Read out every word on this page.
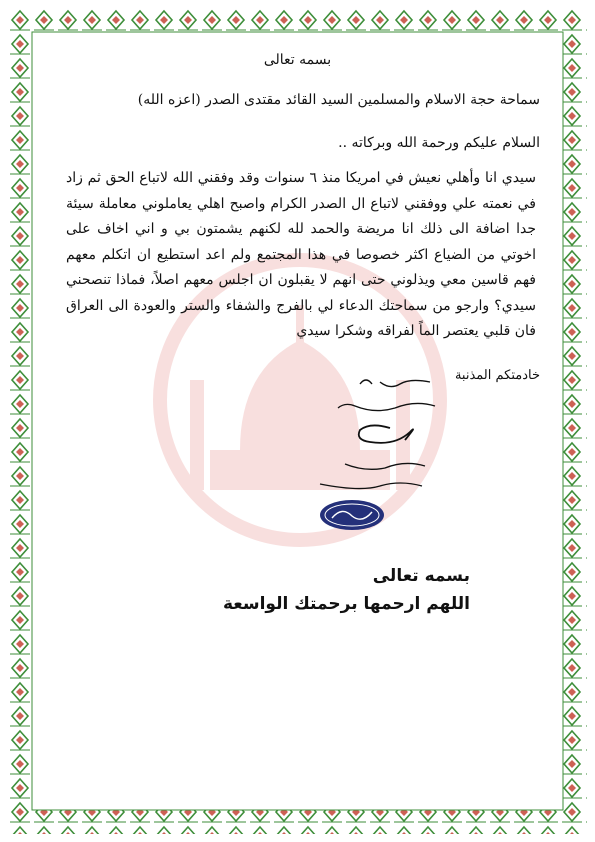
بسمه تعالى
سماحة حجة الاسلام والمسلمين السيد القائد مقتدى الصدر (اعزه الله)
السلام عليكم ورحمة الله وبركاته ..
سيدي انا وأهلي نعيش في امريكا منذ ٦ سنوات وقد وفقني الله لاتباع الحق ثم زاد في نعمته علي ووفقني لاتباع ال الصدر الكرام واصبح اهلي يعاملوني معاملة سيئة جدا اضافة الى ذلك انا مريضة والحمد لله لكنهم يشمتون بي و اني اخاف على اخوتي من الضياع اكثر خصوصا في هذا المجتمع ولم اعد استطيع ان اتكلم معهم فهم قاسين معي ويذلوني حتى انهم لا يقبلون ان اجلس معهم اصلاً، فماذا تنصحني سيدي؟ وارجو من سماحتك الدعاء لي بالفرج والشفاء والستر والعودة الى العراق فان قلبي يعتصر الماً لفراقه وشكرا سيدي
خادمتكم المذنبة
بسمه تعالى
اللهم ارحمها برحمتك الواسعة
